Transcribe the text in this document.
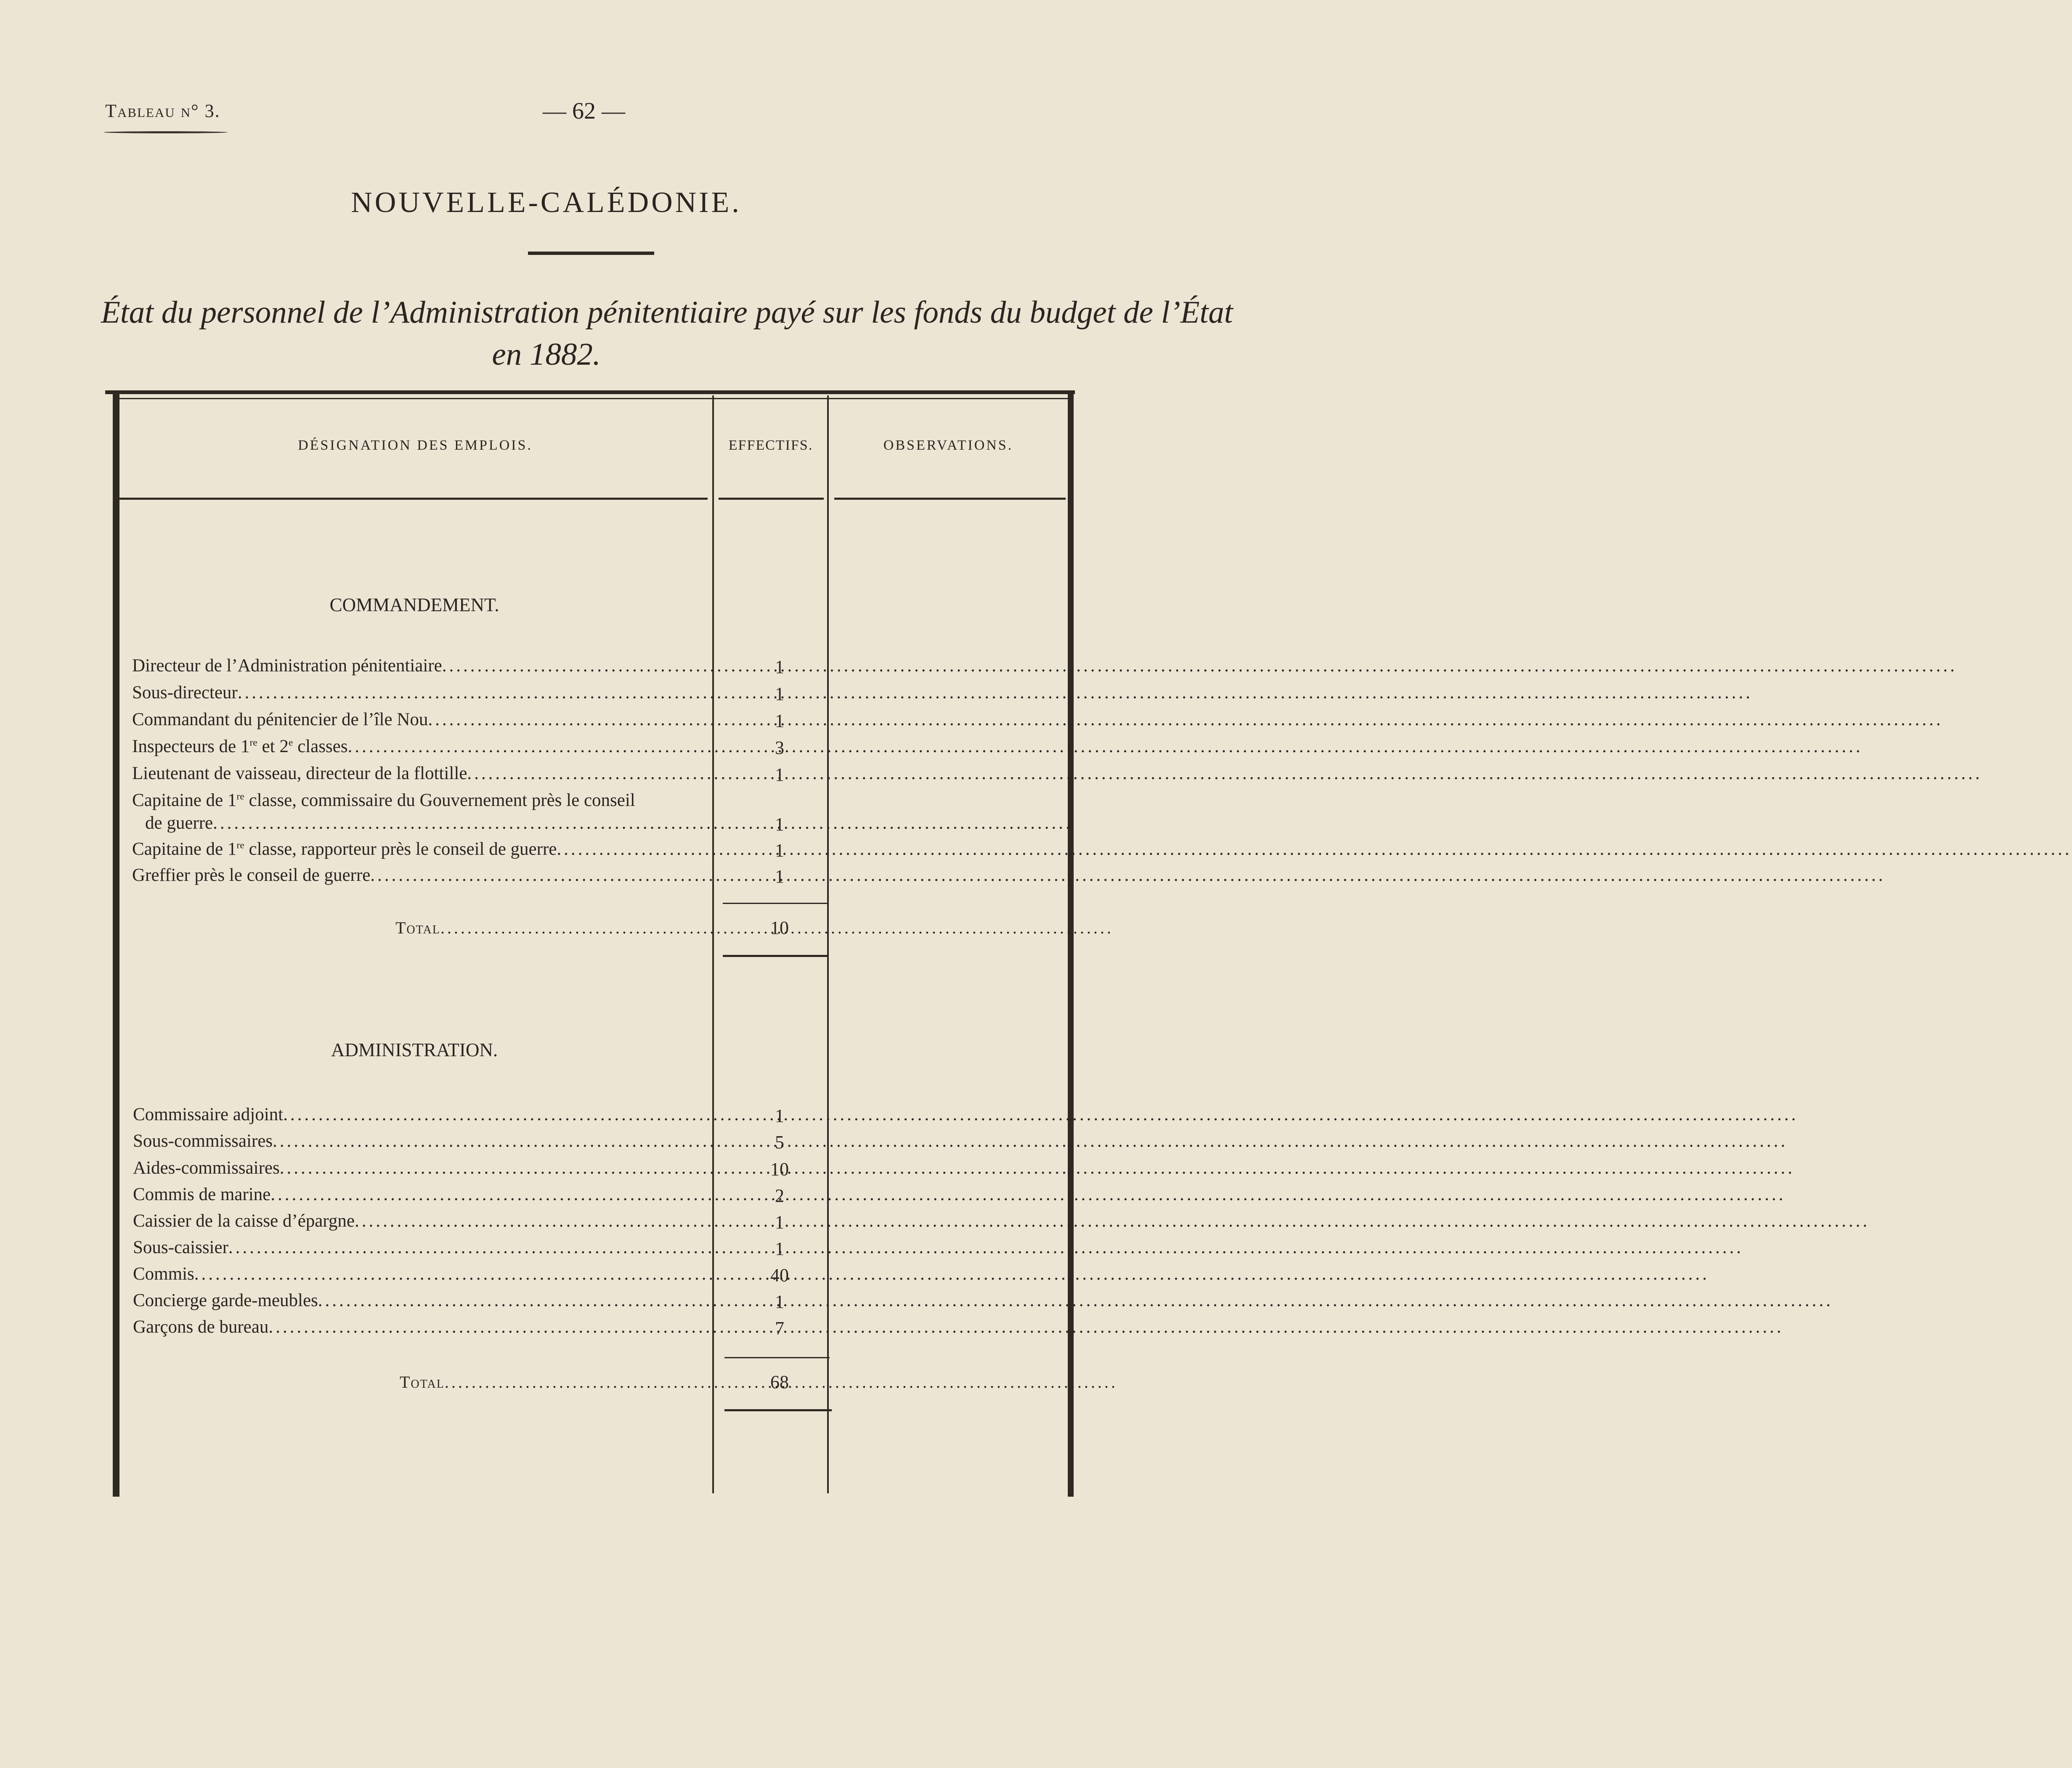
Tableau n° 3.	— 62 —
NOUVELLE-CALÉDONIE.
État du personnel de l’Administration pénitentiaire payé sur les fonds du budget de l’État
en 1882.
DÉSIGNATION DES EMPLOIS.	EFFECTIFS.	OBSERVATIONS.
COMMANDEMENT.
Directeur de l’Administration pénitentiaire .....	1
Sous-directeur .....	1
Commandant du pénitencier de l’île Nou .....	1
Inspecteurs de 1re et 2e classes .....	3
Lieutenant de vaisseau, directeur de la flottille .....	1
Capitaine de 1re classe, commissaire du Gouvernement près le conseil
de guerre .....	1
Capitaine de 1re classe, rapporteur près le conseil de guerre .....	1
Greffier près le conseil de guerre .....	1
Total .....	10
ADMINISTRATION.
Commissaire adjoint .....	1
Sous-commissaires .....	5
Aides-commissaires .....	10
Commis de marine .....	2
Caissier de la caisse d’épargne .....	1
Sous-caissier .....	1
Commis .....	40
Concierge garde-meubles .....	1
Garçons de bureau .....	7
Total .....	68
